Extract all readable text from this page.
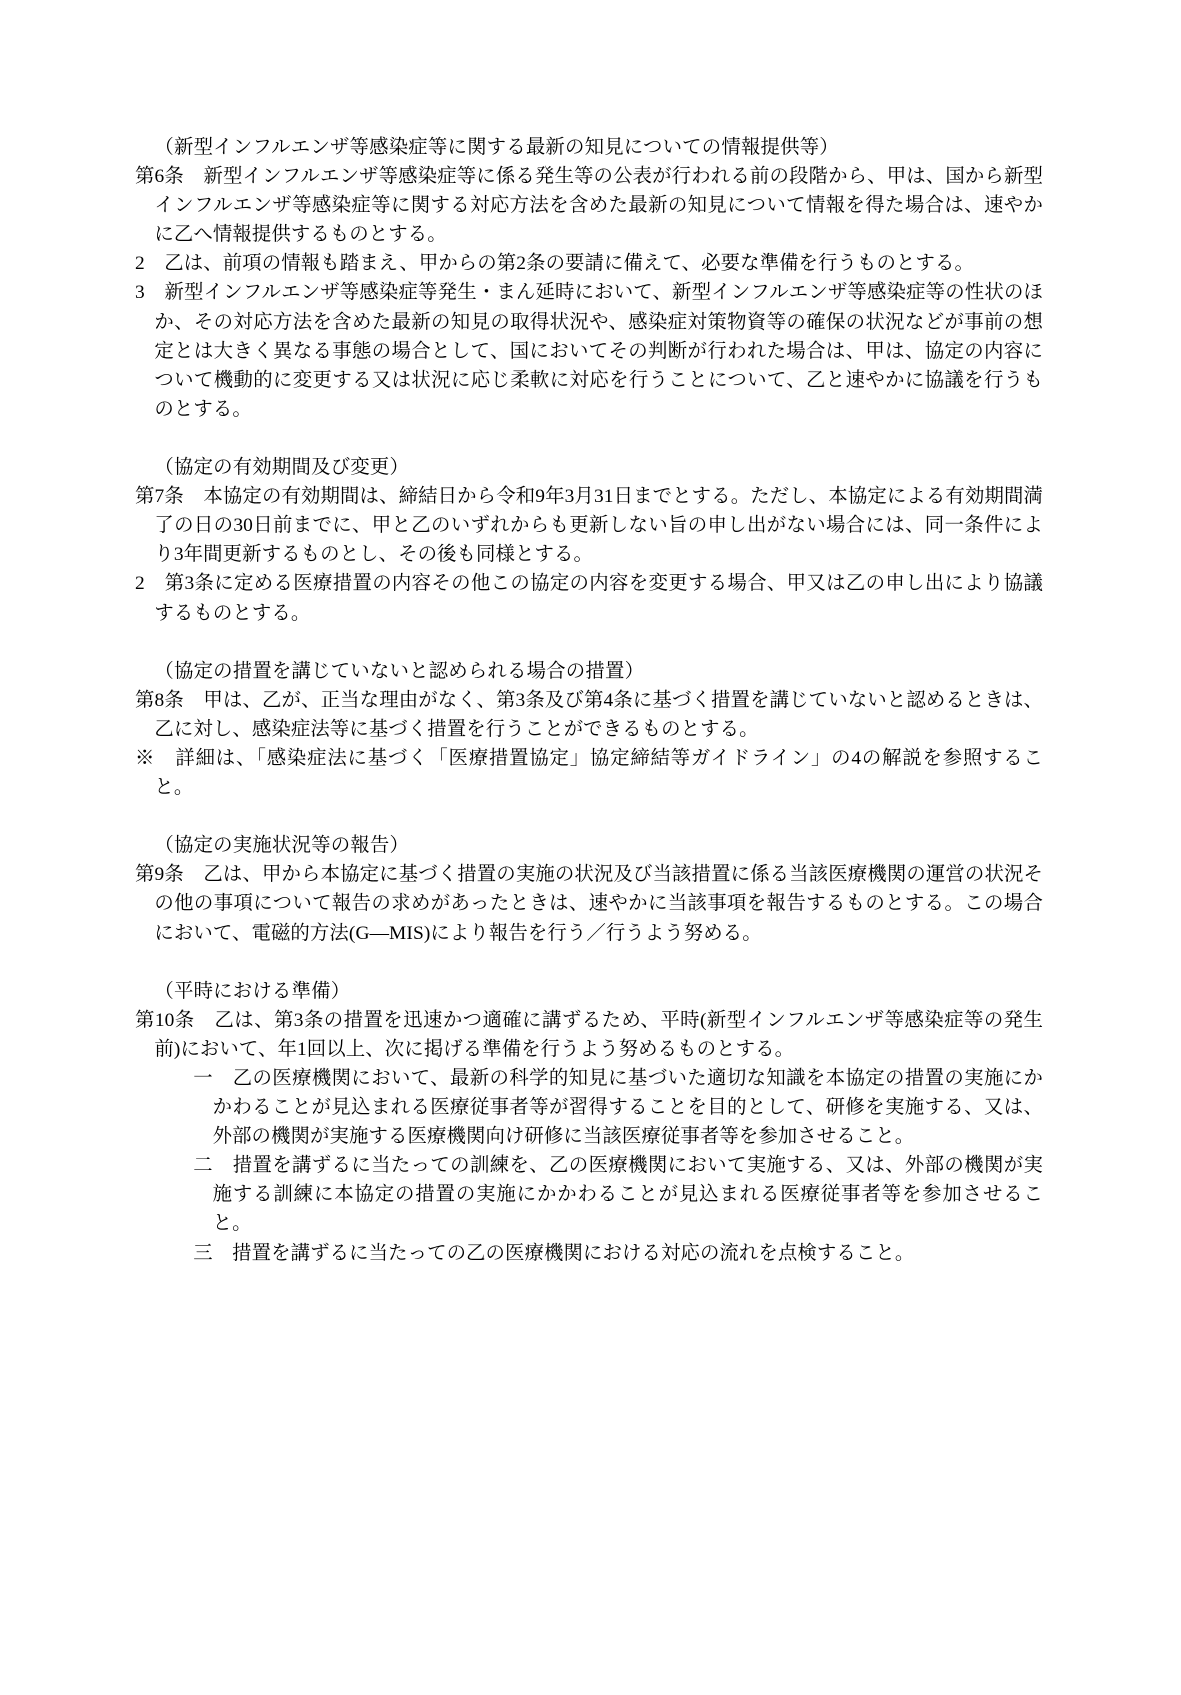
（新型インフルエンザ等感染症等に関する最新の知見についての情報提供等）
第6条　新型インフルエンザ等感染症等に係る発生等の公表が行われる前の段階から、甲は、国から新型インフルエンザ等感染症等に関する対応方法を含めた最新の知見について情報を得た場合は、速やかに乙へ情報提供するものとする。
2　乙は、前項の情報も踏まえ、甲からの第2条の要請に備えて、必要な準備を行うものとする。
3　新型インフルエンザ等感染症等発生・まん延時において、新型インフルエンザ等感染症等の性状のほか、その対応方法を含めた最新の知見の取得状況や、感染症対策物資等の確保の状況などが事前の想定とは大きく異なる事態の場合として、国においてその判断が行われた場合は、甲は、協定の内容について機動的に変更する又は状況に応じ柔軟に対応を行うことについて、乙と速やかに協議を行うものとする。
（協定の有効期間及び変更）
第7条　本協定の有効期間は、締結日から令和9年3月31日までとする。ただし、本協定による有効期間満了の日の30日前までに、甲と乙のいずれからも更新しない旨の申し出がない場合には、同一条件により3年間更新するものとし、その後も同様とする。
2　第3条に定める医療措置の内容その他この協定の内容を変更する場合、甲又は乙の申し出により協議するものとする。
（協定の措置を講じていないと認められる場合の措置）
第8条　甲は、乙が、正当な理由がなく、第3条及び第4条に基づく措置を講じていないと認めるときは、乙に対し、感染症法等に基づく措置を行うことができるものとする。
※　詳細は、「感染症法に基づく「医療措置協定」協定締結等ガイドライン」の4の解説を参照すること。
（協定の実施状況等の報告）
第9条　乙は、甲から本協定に基づく措置の実施の状況及び当該措置に係る当該医療機関の運営の状況その他の事項について報告の求めがあったときは、速やかに当該事項を報告するものとする。この場合において、電磁的方法(G—MIS)により報告を行う／行うよう努める。
（平時における準備）
第10条　乙は、第3条の措置を迅速かつ適確に講ずるため、平時(新型インフルエンザ等感染症等の発生前)において、年1回以上、次に掲げる準備を行うよう努めるものとする。
一　乙の医療機関において、最新の科学的知見に基づいた適切な知識を本協定の措置の実施にかかわることが見込まれる医療従事者等が習得することを目的として、研修を実施する、又は、外部の機関が実施する医療機関向け研修に当該医療従事者等を参加させること。
二　措置を講ずるに当たっての訓練を、乙の医療機関において実施する、又は、外部の機関が実施する訓練に本協定の措置の実施にかかわることが見込まれる医療従事者等を参加させること。
三　措置を講ずるに当たっての乙の医療機関における対応の流れを点検すること。
